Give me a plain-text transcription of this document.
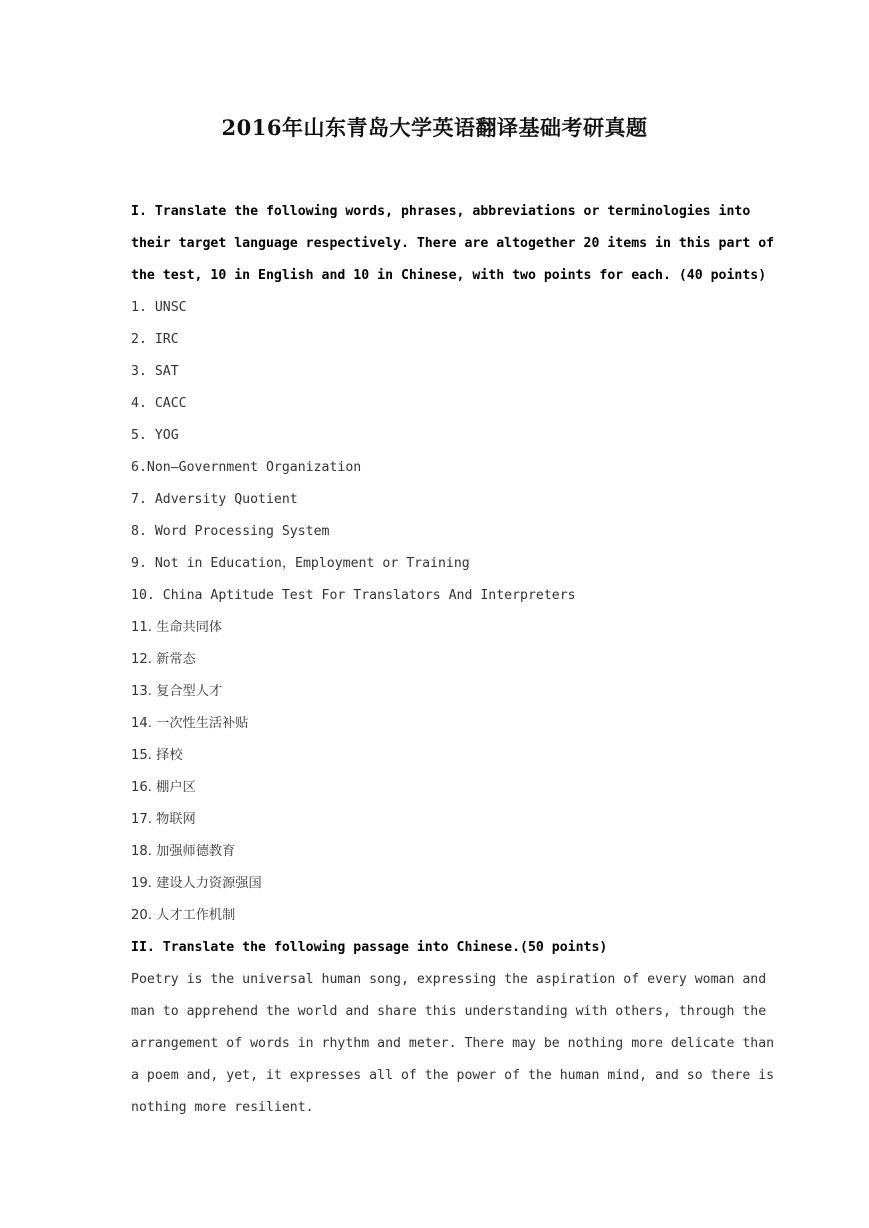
2016年山东青岛大学英语翻译基础考研真题
I. Translate the following words, phrases, abbreviations or terminologies into
their target language respectively. There are altogether 20 items in this part of
the test, 10 in English and 10 in Chinese, with two points for each. (40 points)
1. UNSC
2. IRC
3. SAT
4. CACC
5. YOG
6.Non—Government Organization
7. Adversity Quotient
8. Word Processing System
9. Not in Education，Employment or Training
10. China Aptitude Test For Translators And Interpreters
11. 生命共同体
12. 新常态
13. 复合型人才
14. 一次性生活补贴
15. 择校
16. 棚户区
17. 物联网
18. 加强师德教育
19. 建设人力资源强国
20. 人才工作机制
II. Translate the following passage into Chinese.(50 points)
Poetry is the universal human song, expressing the aspiration of every woman and
man to apprehend the world and share this understanding with others, through the
arrangement of words in rhythm and meter. There may be nothing more delicate than
a poem and, yet, it expresses all of the power of the human mind, and so there is
nothing more resilient.
